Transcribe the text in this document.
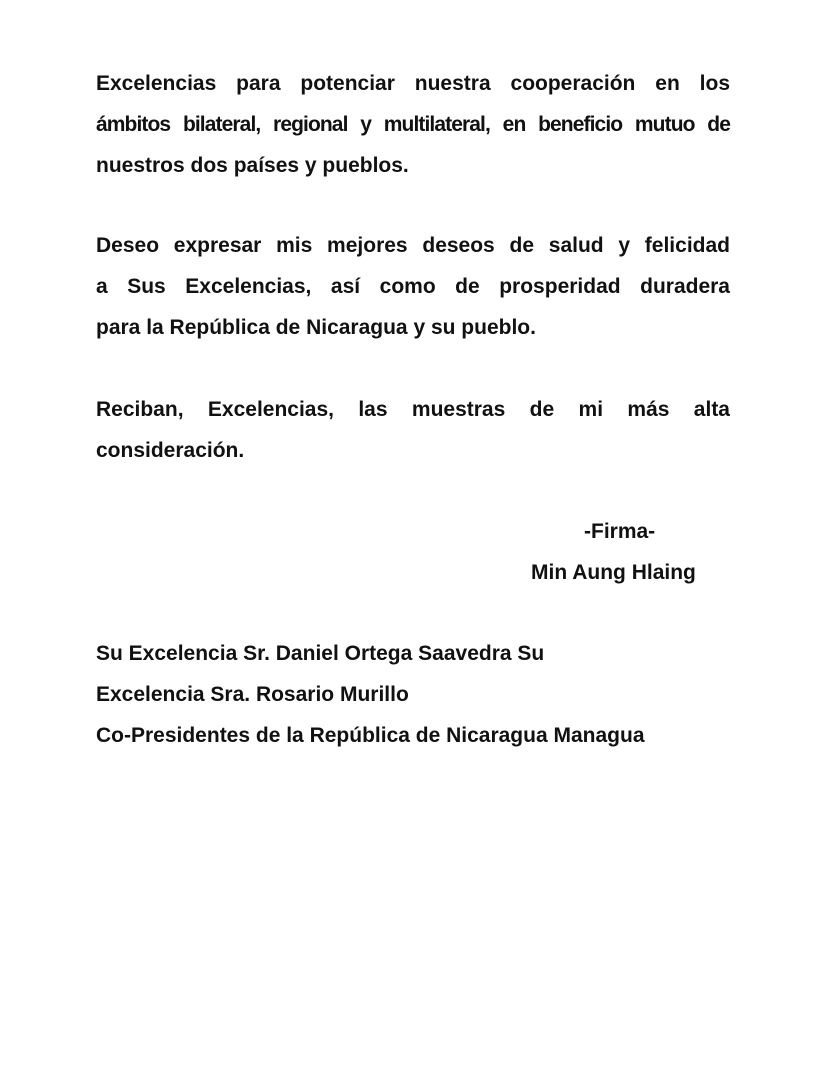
Excelencias para potenciar nuestra cooperación en los
ámbitos bilateral, regional y multilateral, en beneficio mutuo de
nuestros dos países y pueblos.
Deseo expresar mis mejores deseos de salud y felicidad
a Sus Excelencias, así como de prosperidad duradera
para la República de Nicaragua y su pueblo.
Reciban, Excelencias, las muestras de mi más alta
consideración.
-Firma-
Min Aung Hlaing
Su Excelencia Sr. Daniel Ortega Saavedra Su
Excelencia Sra. Rosario Murillo
Co-Presidentes de la República de Nicaragua Managua
